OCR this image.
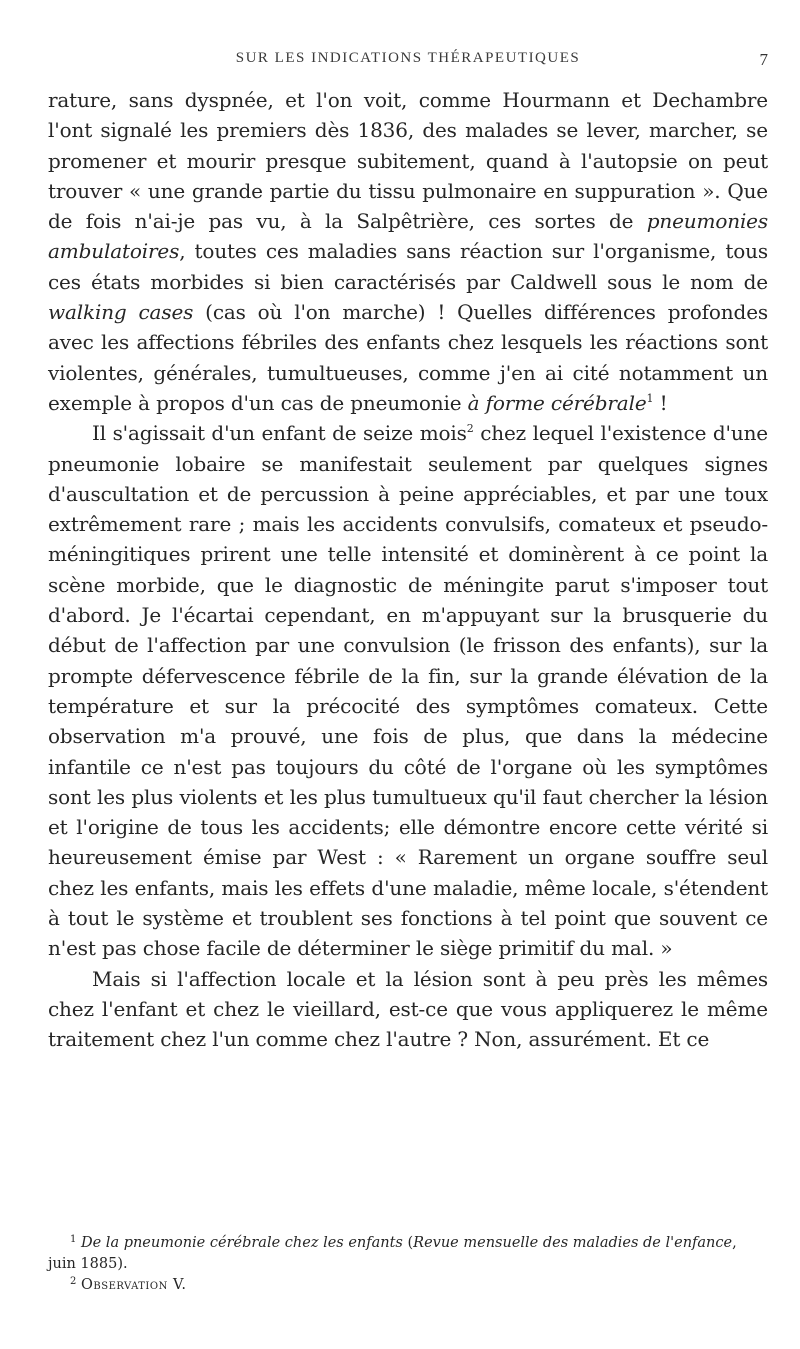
SUR LES INDICATIONS THÉRAPEUTIQUES	7

rature, sans dyspnée, et l'on voit, comme Hourmann et Dechambre l'ont signalé les premiers dès 1836, des malades se lever, marcher, se promener et mourir presque subitement, quand à l'autopsie on peut trouver « une grande partie du tissu pulmonaire en suppuration ». Que de fois n'ai-je pas vu, à la Salpêtrière, ces sortes de pneumonies ambulatoires, toutes ces maladies sans réaction sur l'organisme, tous ces états morbides si bien caractérisés par Caldwell sous le nom de walking cases (cas où l'on marche) ! Quelles différences profondes avec les affections fébriles des enfants chez lesquels les réactions sont violentes, générales, tumultueuses, comme j'en ai cité notamment un exemple à propos d'un cas de pneumonie à forme cérébrale$^1$ !

Il s'agissait d'un enfant de seize mois$^2$ chez lequel l'existence d'une pneumonie lobaire se manifestait seulement par quelques signes d'auscultation et de percussion à peine appréciables, et par une toux extrêmement rare ; mais les accidents convulsifs, comateux et pseudo-méningitiques prirent une telle intensité et dominèrent à ce point la scène morbide, que le diagnostic de méningite parut s'imposer tout d'abord. Je l'écartai cependant, en m'appuyant sur la brusquerie du début de l'affection par une convulsion (le frisson des enfants), sur la prompte défervescence fébrile de la fin, sur la grande élévation de la température et sur la précocité des symptômes comateux. Cette observation m'a prouvé, une fois de plus, que dans la médecine infantile ce n'est pas toujours du côté de l'organe où les symptômes sont les plus violents et les plus tumultueux qu'il faut chercher la lésion et l'origine de tous les accidents; elle démontre encore cette vérité si heureusement émise par West : « Rarement un organe souffre seul chez les enfants, mais les effets d'une maladie, même locale, s'étendent à tout le système et troublent ses fonctions à tel point que souvent ce n'est pas chose facile de déterminer le siège primitif du mal. »

Mais si l'affection locale et la lésion sont à peu près les mêmes chez l'enfant et chez le vieillard, est-ce que vous appliquerez le même traitement chez l'un comme chez l'autre ? Non, assurément. Et ce

$^1$ De la pneumonie cérébrale chez les enfants (Revue mensuelle des maladies de l'enfance, juin 1885).

$^2$ Observation V.
